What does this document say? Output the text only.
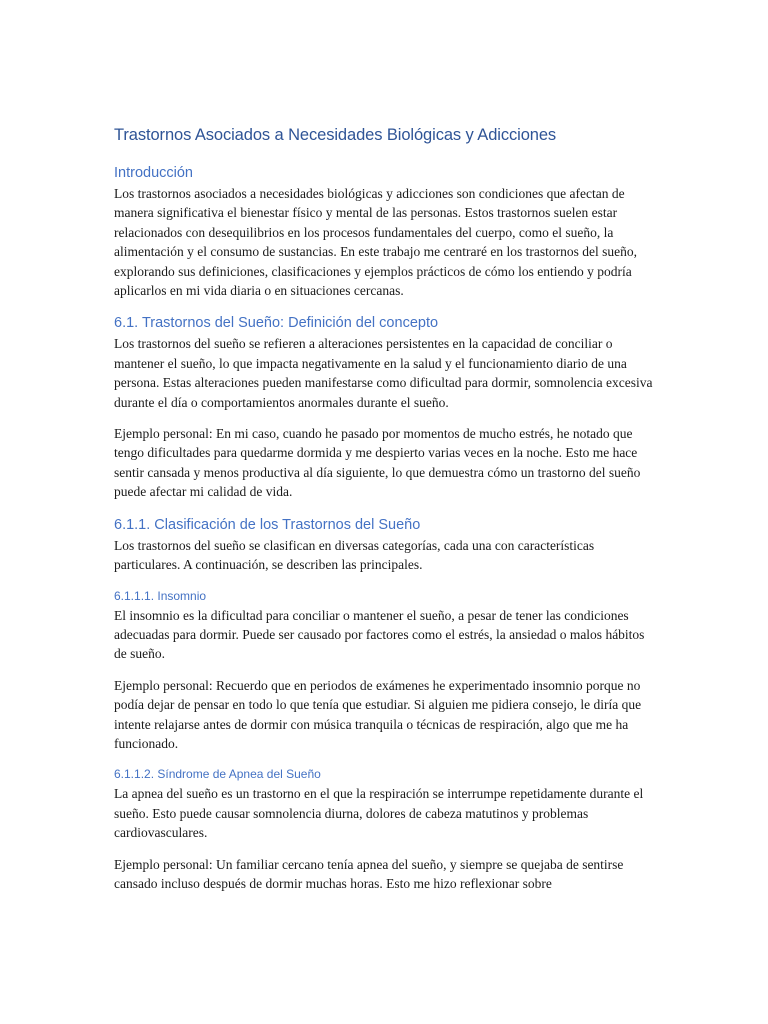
Trastornos Asociados a Necesidades Biológicas y Adicciones
Introducción

Los trastornos asociados a necesidades biológicas y adicciones son condiciones que afectan de manera significativa el bienestar físico y mental de las personas. Estos trastornos suelen estar relacionados con desequilibrios en los procesos fundamentales del cuerpo, como el sueño, la alimentación y el consumo de sustancias. En este trabajo me centraré en los trastornos del sueño, explorando sus definiciones, clasificaciones y ejemplos prácticos de cómo los entiendo y podría aplicarlos en mi vida diaria o en situaciones cercanas.

6.1. Trastornos del Sueño: Definición del concepto

Los trastornos del sueño se refieren a alteraciones persistentes en la capacidad de conciliar o mantener el sueño, lo que impacta negativamente en la salud y el funcionamiento diario de una persona. Estas alteraciones pueden manifestarse como dificultad para dormir, somnolencia excesiva durante el día o comportamientos anormales durante el sueño.

Ejemplo personal: En mi caso, cuando he pasado por momentos de mucho estrés, he notado que tengo dificultades para quedarme dormida y me despierto varias veces en la noche. Esto me hace sentir cansada y menos productiva al día siguiente, lo que demuestra cómo un trastorno del sueño puede afectar mi calidad de vida.

6.1.1. Clasificación de los Trastornos del Sueño

Los trastornos del sueño se clasifican en diversas categorías, cada una con características particulares. A continuación, se describen las principales.

6.1.1.1. Insomnio

El insomnio es la dificultad para conciliar o mantener el sueño, a pesar de tener las condiciones adecuadas para dormir. Puede ser causado por factores como el estrés, la ansiedad o malos hábitos de sueño.

Ejemplo personal: Recuerdo que en periodos de exámenes he experimentado insomnio porque no podía dejar de pensar en todo lo que tenía que estudiar. Si alguien me pidiera consejo, le diría que intente relajarse antes de dormir con música tranquila o técnicas de respiración, algo que me ha funcionado.

6.1.1.2. Síndrome de Apnea del Sueño

La apnea del sueño es un trastorno en el que la respiración se interrumpe repetidamente durante el sueño. Esto puede causar somnolencia diurna, dolores de cabeza matutinos y problemas cardiovasculares.

Ejemplo personal: Un familiar cercano tenía apnea del sueño, y siempre se quejaba de sentirse cansado incluso después de dormir muchas horas. Esto me hizo reflexionar sobre
